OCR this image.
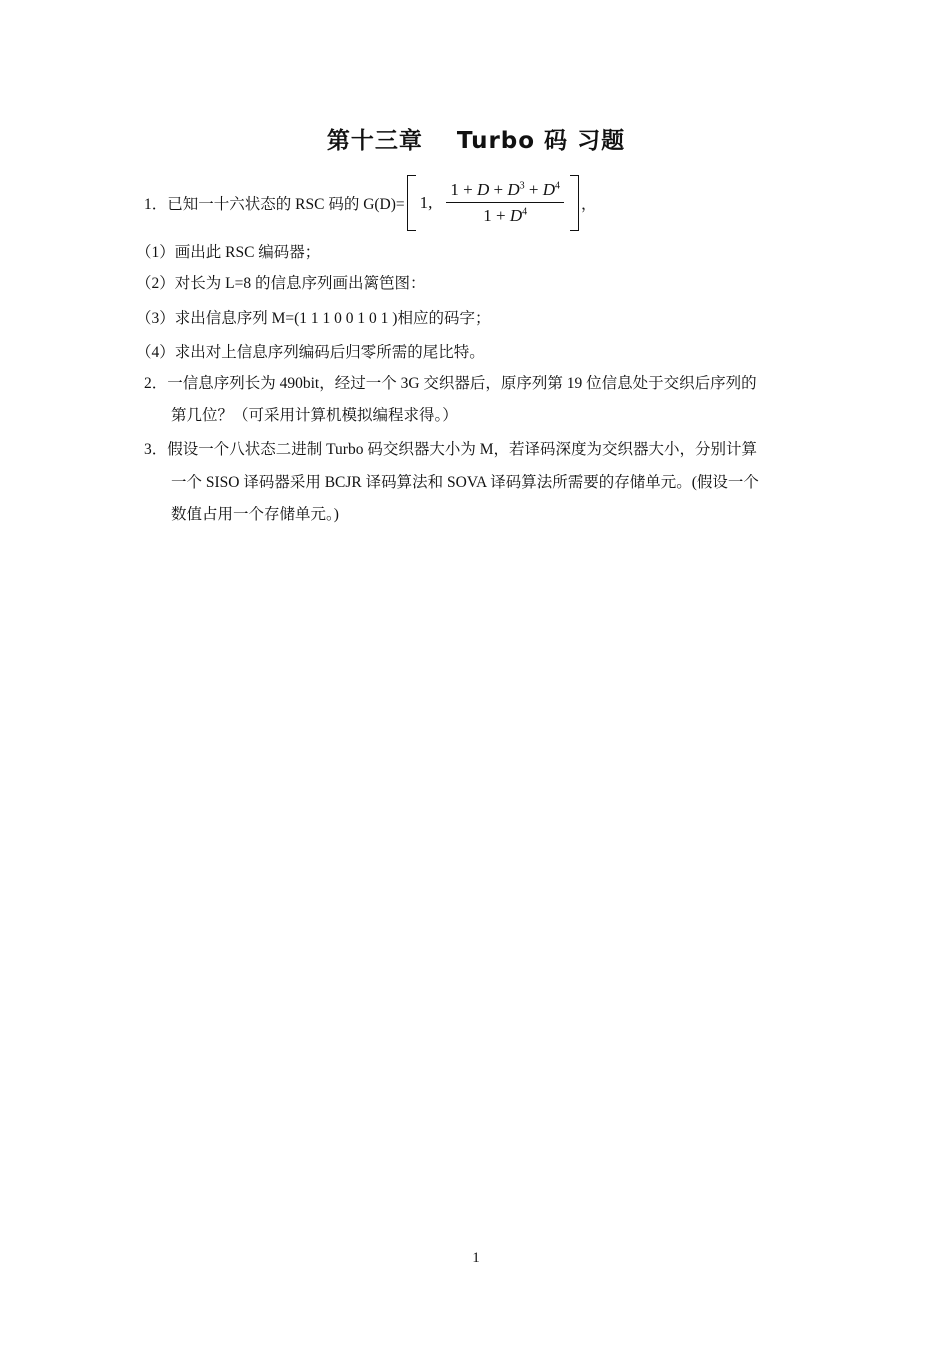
第十三章 Turbo 码 习题
1． 已知一十六状态的 RSC 码的 G(D)= 1, $\frac{1 + D + D^3 + D^4}{1 + D^4}$ ，
（1）画出此 RSC 编码器；
（2）对长为 L=8 的信息序列画出篱笆图：
（3）求出信息序列 M=(1 1 1 0 0 1 0 1 )相应的码字；
（4）求出对上信息序列编码后归零所需的尾比特。
2．一信息序列长为 490bit，经过一个 3G 交织器后，原序列第 19 位信息处于交织后序列的
第几位？（可采用计算机模拟编程求得。）
3．假设一个八状态二进制 Turbo 码交织器大小为 M，若译码深度为交织器大小，分别计算
一个 SISO 译码器采用 BCJR 译码算法和 SOVA 译码算法所需要的存储单元。(假设一个
数值占用一个存储单元。)
1
